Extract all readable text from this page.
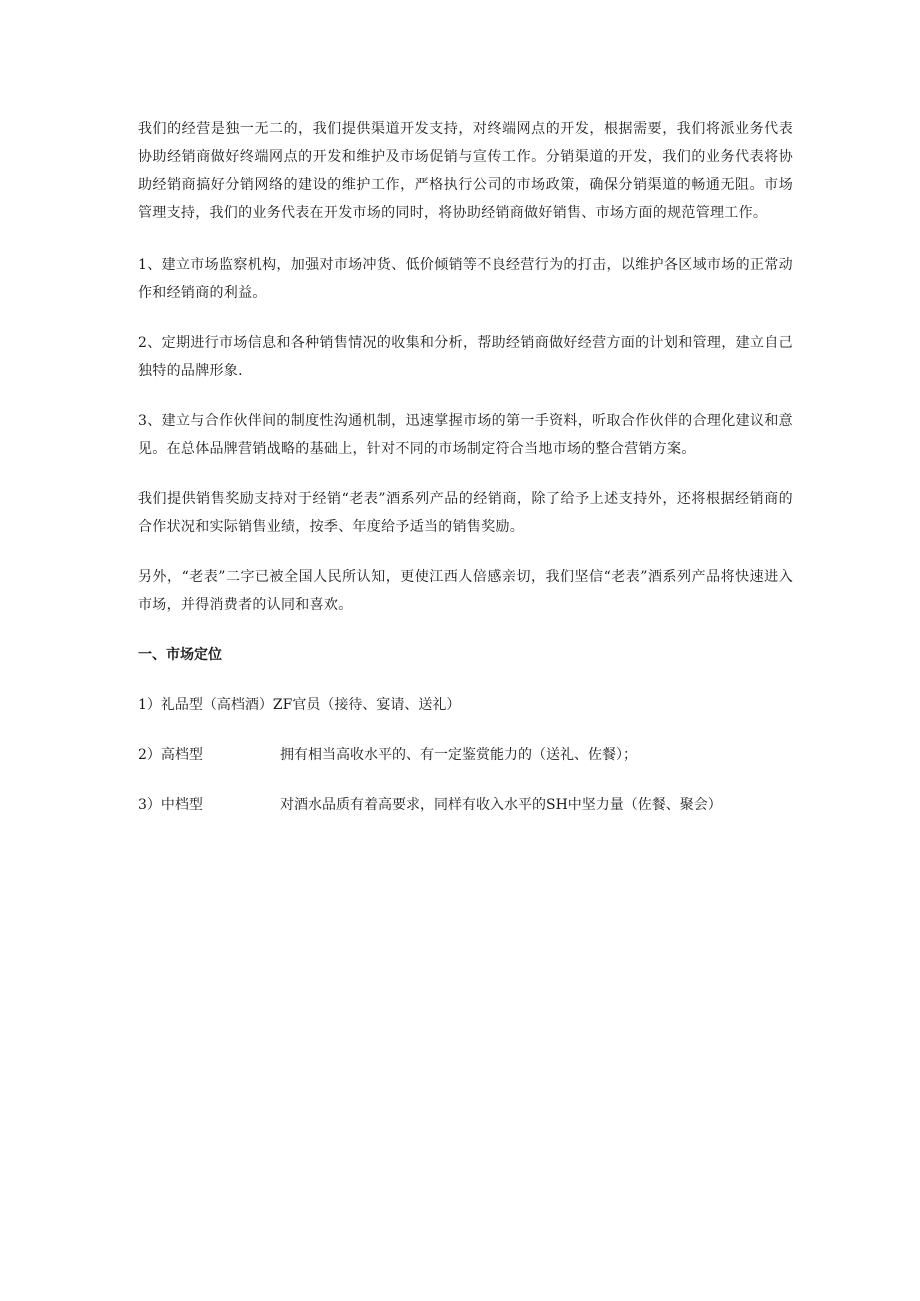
我们的经营是独一无二的，我们提供渠道开发支持，对终端网点的开发，根据需要，我们将派业务代表协助经销商做好终端网点的开发和维护及市场促销与宣传工作。分销渠道的开发，我们的业务代表将协助经销商搞好分销网络的建设的维护工作，严格执行公司的市场政策，确保分销渠道的畅通无阻。市场管理支持，我们的业务代表在开发市场的同时，将协助经销商做好销售、市场方面的规范管理工作。

1、建立市场监察机构，加强对市场冲货、低价倾销等不良经营行为的打击，以维护各区域市场的正常动作和经销商的利益。

2、定期进行市场信息和各种销售情况的收集和分析，帮助经销商做好经营方面的计划和管理，建立自己独特的品牌形象.

3、建立与合作伙伴间的制度性沟通机制，迅速掌握市场的第一手资料，听取合作伙伴的合理化建议和意见。在总体品牌营销战略的基础上，针对不同的市场制定符合当地市场的整合营销方案。

我们提供销售奖励支持对于经销“老表”酒系列产品的经销商，除了给予上述支持外，还将根据经销商的合作状况和实际销售业绩，按季、年度给予适当的销售奖励。

另外，“老表”二字已被全国人民所认知，更使江西人倍感亲切，我们坚信“老表”酒系列产品将快速进入市场，并得消费者的认同和喜欢。

一、市场定位
1）礼品型（高档酒）ZF官员（接待、宴请、送礼）
2）高档型	拥有相当高收水平的、有一定鉴赏能力的（送礼、佐餐）；
3）中档型	对酒水品质有着高要求，同样有收入水平的SH中坚力量（佐餐、聚会）
